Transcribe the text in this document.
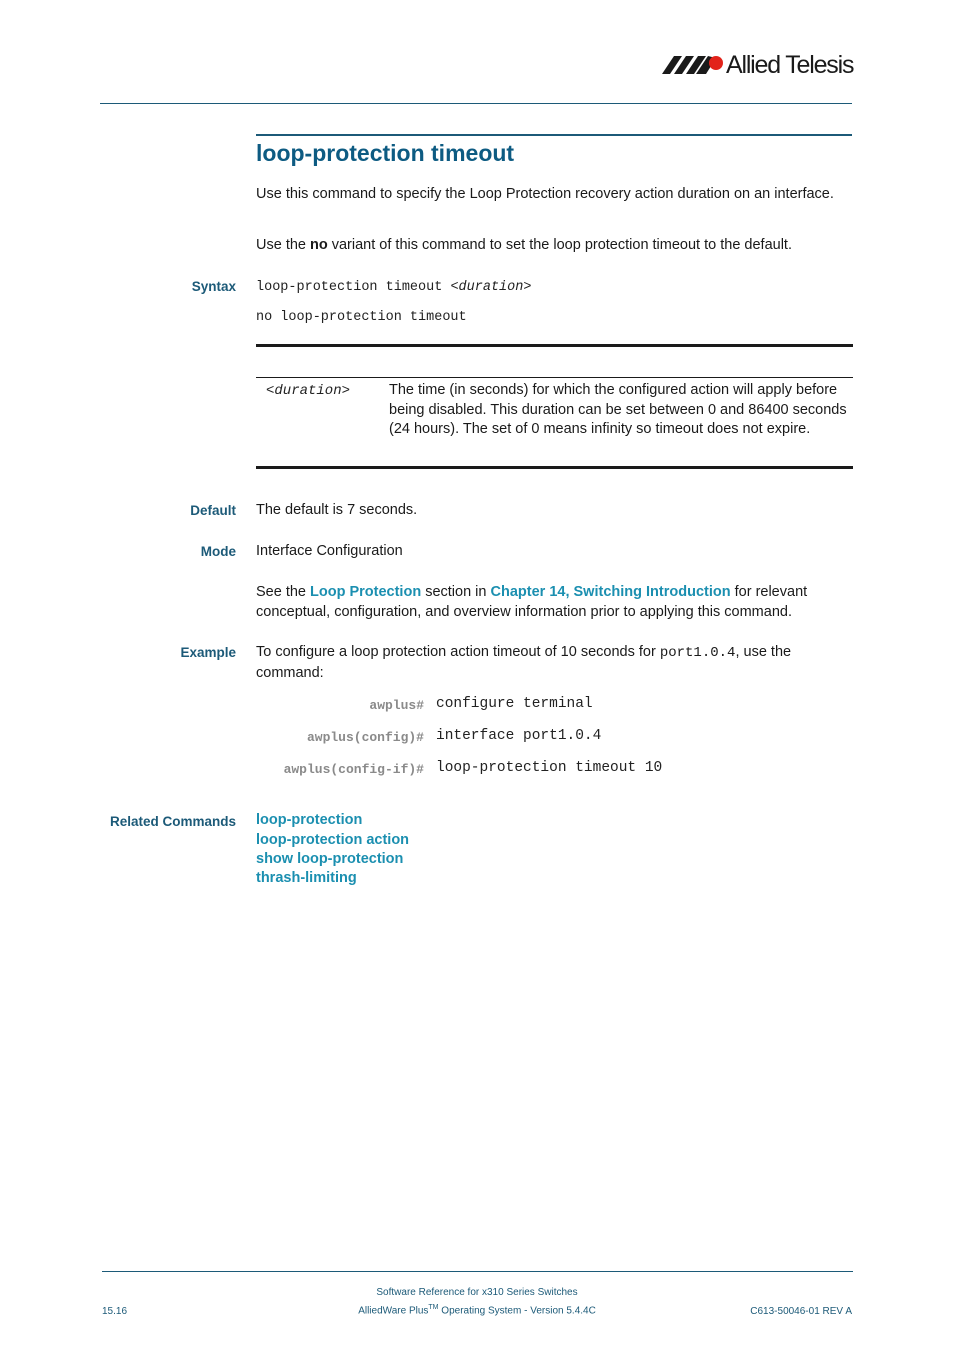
Allied Telesis
loop-protection timeout
Use this command to specify the Loop Protection recovery action duration on an interface.
Use the no variant of this command to set the loop protection timeout to the default.
Syntax loop-protection timeout <duration>
no loop-protection timeout
<duration>	The time (in seconds) for which the configured action will apply before being disabled. This duration can be set between 0 and 86400 seconds (24 hours). The set of 0 means infinity so timeout does not expire.
Default The default is 7 seconds.
Mode Interface Configuration
See the Loop Protection section in Chapter 14, Switching Introduction for relevant conceptual, configuration, and overview information prior to applying this command.
Example To configure a loop protection action timeout of 10 seconds for port1.0.4, use the command:
awplus# configure terminal
awplus(config)# interface port1.0.4
awplus(config-if)# loop-protection timeout 10
Related Commands loop-protection
loop-protection action
show loop-protection
thrash-limiting
15.16
Software Reference for x310 Series Switches
AlliedWare Plus™ Operating System - Version 5.4.4C	C613-50046-01 REV A
